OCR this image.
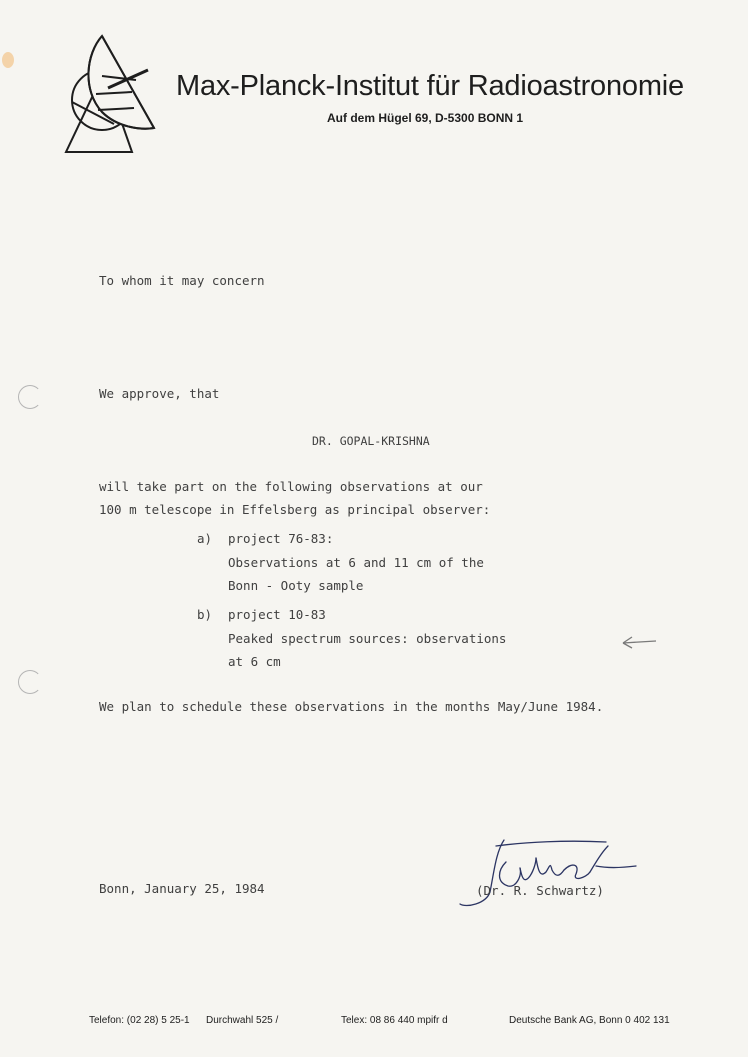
Max-Planck-Institut für Radioastronomie
Auf dem Hügel 69, D-5300 BONN 1
To whom it may concern
We approve, that
DR. GOPAL-KRISHNA
will take part on the following observations at our
100 m telescope in Effelsberg as principal observer:
a) project 76-83:
Observations at 6 and 11 cm of the
Bonn - Ooty sample
b) project 10-83
Peaked spectrum sources: observations
at 6 cm
We plan to schedule these observations in the months May/June 1984.
Bonn, January 25, 1984	(Dr. R. Schwartz)
Telefon: (02 28) 5 25-1 Durchwahl 525 /	Telex: 08 86 440 mpifr d	Deutsche Bank AG, Bonn 0 402 131
